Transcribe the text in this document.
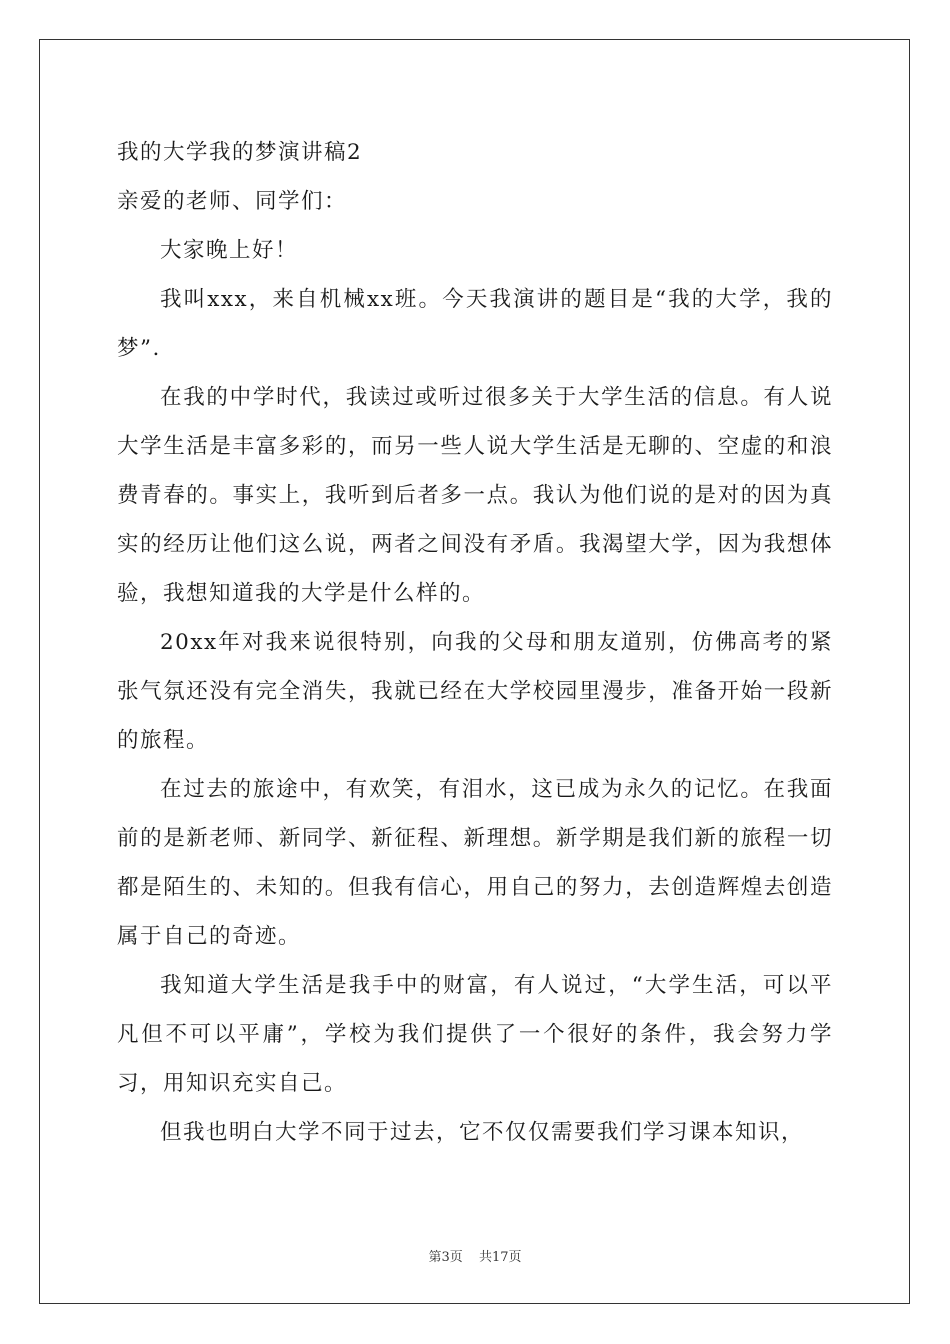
我的大学我的梦演讲稿2

亲爱的老师、同学们：

大家晚上好！

我叫xxx，来自机械xx班。今天我演讲的题目是“我的大学，我的梦”.

在我的中学时代，我读过或听过很多关于大学生活的信息。有人说大学生活是丰富多彩的，而另一些人说大学生活是无聊的、空虚的和浪费青春的。事实上，我听到后者多一点。我认为他们说的是对的因为真实的经历让他们这么说，两者之间没有矛盾。我渴望大学，因为我想体验，我想知道我的大学是什么样的。

20xx年对我来说很特别，向我的父母和朋友道别，仿佛高考的紧张气氛还没有完全消失，我就已经在大学校园里漫步，准备开始一段新的旅程。

在过去的旅途中，有欢笑，有泪水，这已成为永久的记忆。在我面前的是新老师、新同学、新征程、新理想。新学期是我们新的旅程一切都是陌生的、未知的。但我有信心，用自己的努力，去创造辉煌去创造属于自己的奇迹。

我知道大学生活是我手中的财富，有人说过，“大学生活，可以平凡但不可以平庸”，学校为我们提供了一个很好的条件，我会努力学习，用知识充实自己。

但我也明白大学不同于过去，它不仅仅需要我们学习课本知识，

第3页 共17页
